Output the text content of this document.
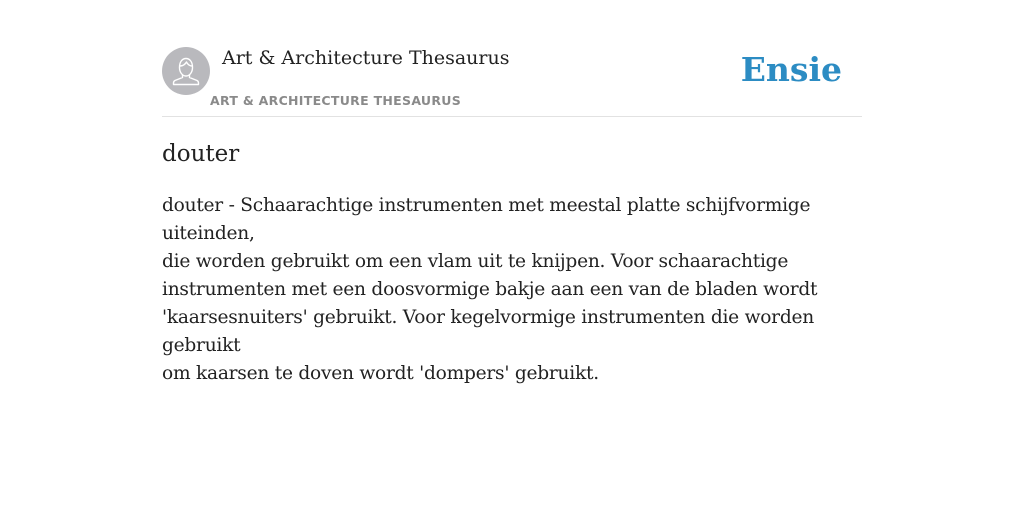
Art & Architecture Thesaurus
ART & ARCHITECTURE THESAURUS
Ensie
douter

douter - Schaarachtige instrumenten met meestal platte schijfvormige uiteinden,
die worden gebruikt om een vlam uit te knijpen. Voor schaarachtige
instrumenten met een doosvormige bakje aan een van de bladen wordt
'kaarsesnuiters' gebruikt. Voor kegelvormige instrumenten die worden gebruikt
om kaarsen te doven wordt 'dompers' gebruikt.
